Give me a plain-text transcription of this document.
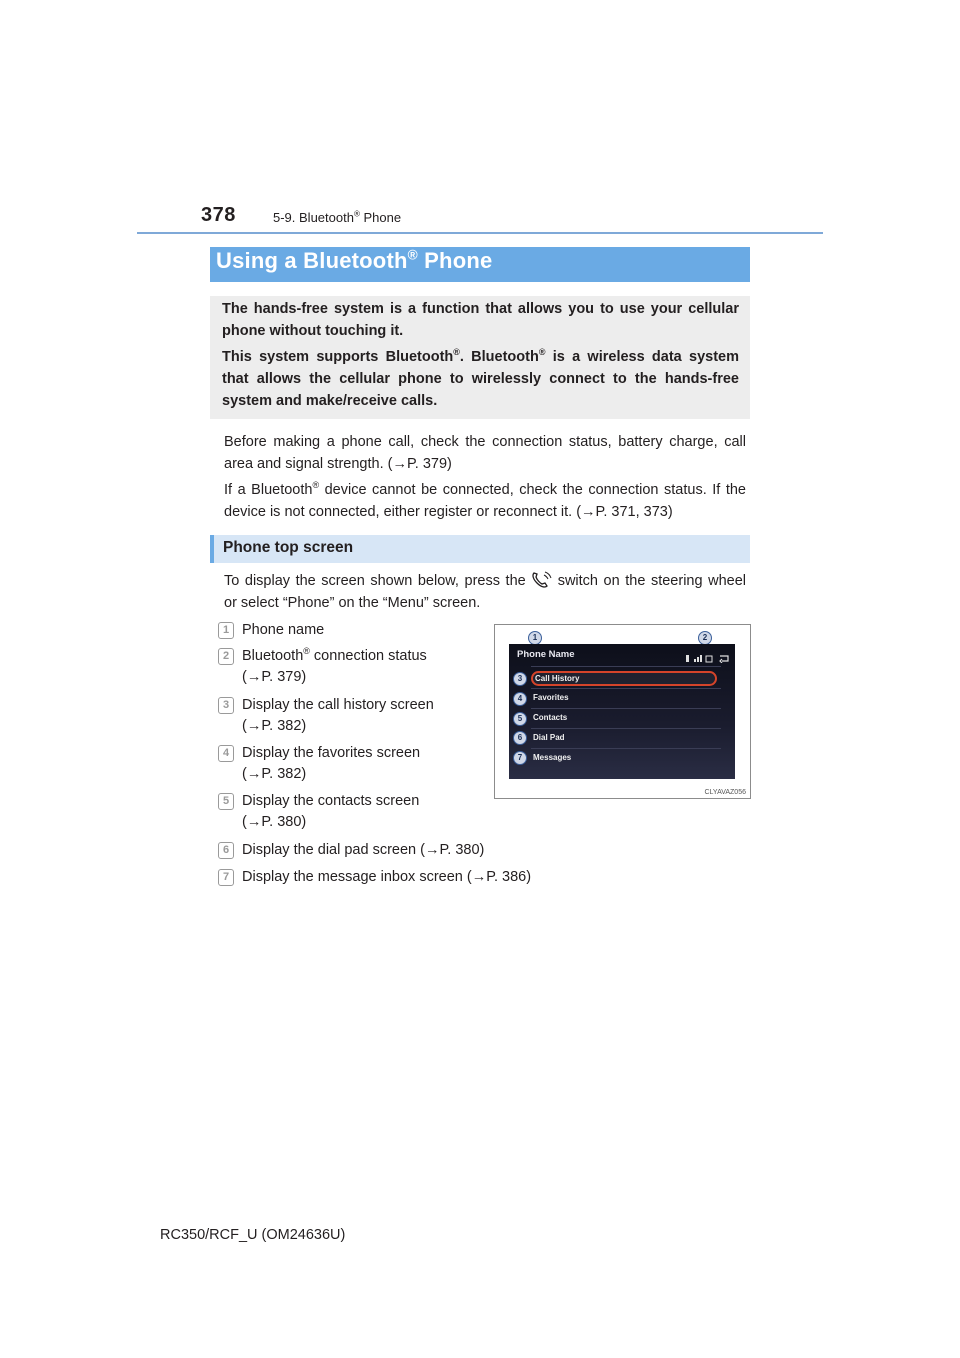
378	5-9. Bluetooth® Phone
Using a Bluetooth® Phone

The hands-free system is a function that allows you to use your cellular phone without touching it.

This system supports Bluetooth®. Bluetooth® is a wireless data system that allows the cellular phone to wirelessly connect to the hands-free system and make/receive calls.

Before making a phone call, check the connection status, battery charge, call area and signal strength. (→P. 379)

If a Bluetooth® device cannot be connected, check the connection status. If the device is not connected, either register or reconnect it. (→P. 371, 373)

Phone top screen

To display the screen shown below, press the switch on the steering wheel or select “Phone” on the “Menu” screen.

1 Phone name
2 Bluetooth® connection status
(→P. 379)
3 Display the call history screen
(→P. 382)
4 Display the favorites screen
(→P. 382)
5 Display the contacts screen
(→P. 380)
6 Display the dial pad screen (→P. 380)
7 Display the message inbox screen (→P. 386)
1	2
Phone Name
Call History
Favorites
Contacts
Dial Pad
Messages
3
4
5
6
7
CLYAVAZ056
RC350/RCF_U (OM24636U)
